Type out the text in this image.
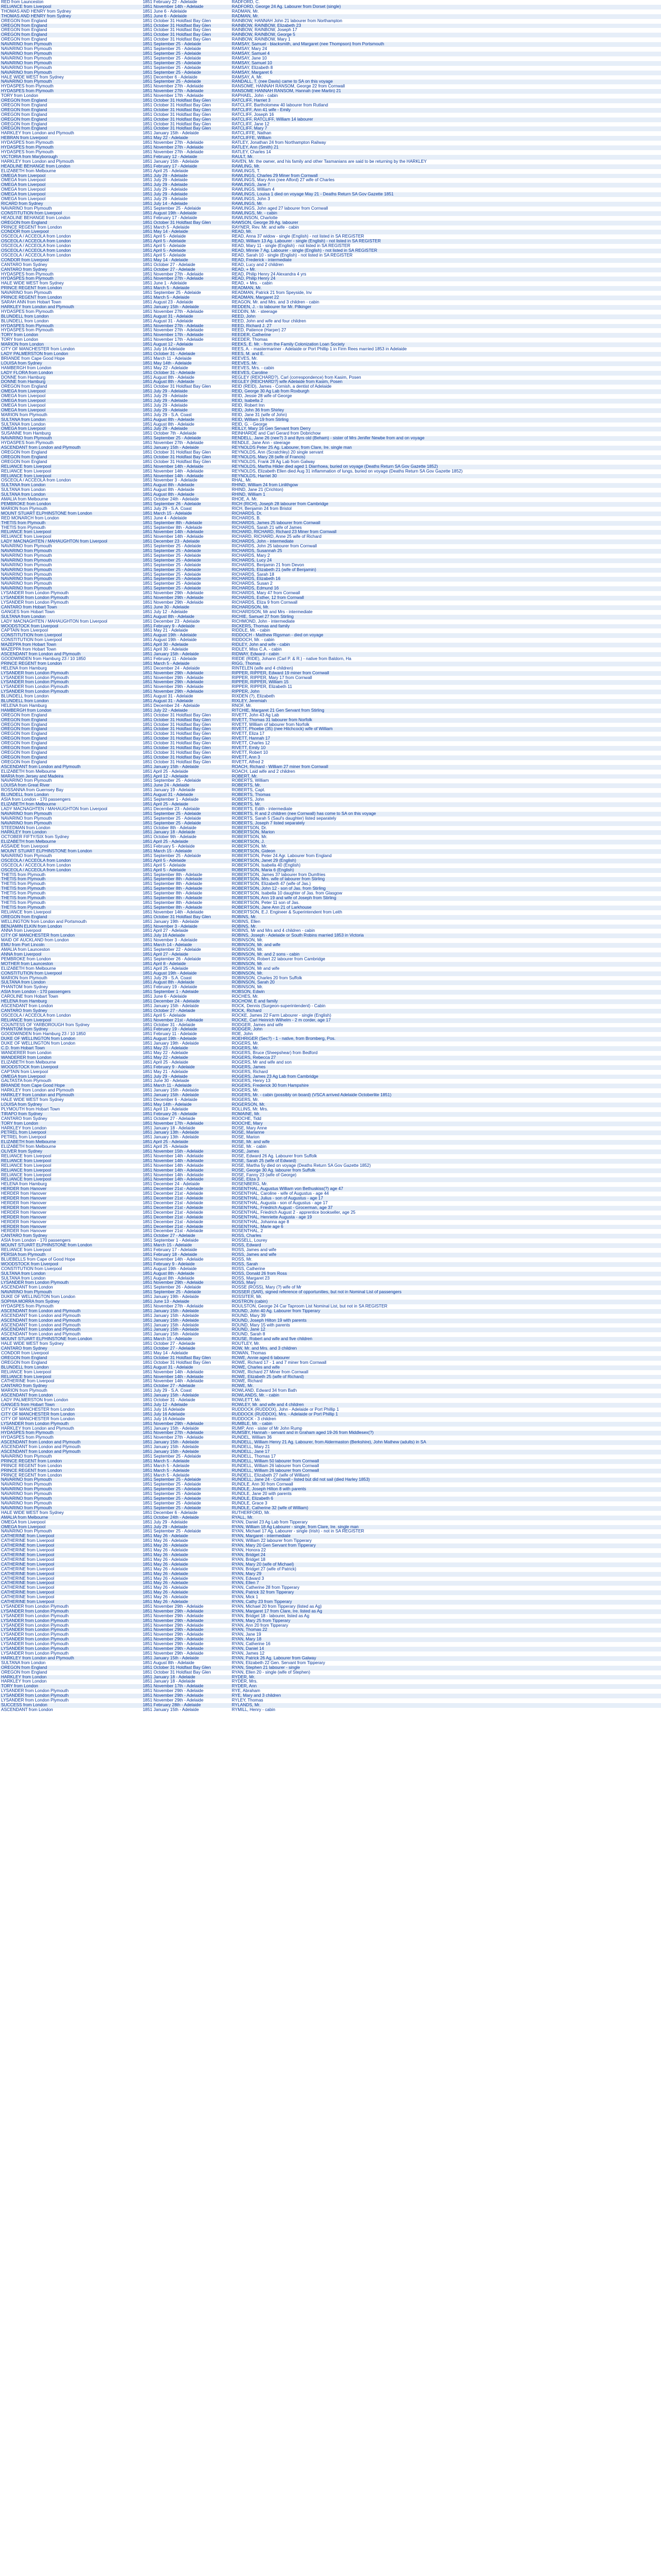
RED from Launceston	1851 February 22 - Adelaide	RADFORD, C.
RELIANCE from Liverpool	1851 November 14th - Adelaide	RADFORD, George 24 Ag. Labourer from Dorset (single)
THOMAS AND HENRY from Sydney	1851 June 6 - Adelaide	RADMAN, Mr.
THOMAS AND HENRY from Sydney	1851 June 6 - Adelaide	RADMAN, Mr.
OREGON from England	1851 October 31 Holdfast Bay Glen	RAINBOW, HANNAH John 21 labourer from Northampton
OREGON from England	1851 October 31 Holdfast Bay Glen	RAINBOW, RAINBOW, Elizabeth 23
OREGON from England	1851 October 31 Holdfast Bay Glen	RAINBOW, RAINBOW, Joseph 17
OREGON from England	1851 October 31 Holdfast Bay Glen	RAINBOW, RAINBOW, George 5
OREGON from England	1851 October 31 Holdfast Bay Glen	RAINBOW, RAINBOW, Mary 1
NAVARINO from Plymouth	1851 September 25 - Adelaide	RAMSAY, Samuel - blacksmith, and Margaret (nee Thompson) from Portsmouth
NAVARINO from Plymouth	1851 September 25 - Adelaide	RAMSAY, Mary 24
NAVARINO from Plymouth	1851 September 25 - Adelaide	RAMSAY, Samuel 4
NAVARINO from Plymouth	1851 September 25 - Adelaide	RAMSAY, Jane 10
NAVARINO from Plymouth	1851 September 25 - Adelaide	RAMSAY, Samuel 10
NAVARINO from Plymouth	1851 September 25 - Adelaide	RAMSAY, Elizabeth 8
NAVARINO from Plymouth	1851 September 25 - Adelaide	RAMSAY, Margaret 6
HALE WIDE WEST from Sydney	1851 December 6 - Adelaide	RAMSAY, A. Mr.
NAVARINO from Plymouth	1851 September 25 - Adelaide	RANDALL, T. (nee Davis) came to SA on this voyage
HYDASPES from Plymouth	1851 November 27th - Adelaide	RANSOME, HANNAH RANSOM, George 22 from Cornwall
HYDASPES from Plymouth	1851 November 27th - Adelaide	RANSOME HANNAH RANSOM, Hannah (nee Martin) 21
TORY from London	1851 November 17th - Adelaide	RAPHAEL, John - cabin
OREGON from England	1851 October 31 Holdfast Bay Glen	RATCLIFF, Harriet 3
OREGON from England	1851 October 31 Holdfast Bay Glen	RATCLIFF, Bartholomew 40 labourer from Rutland
OREGON from England	1851 October 31 Holdfast Bay Glen	RATCLIFF, Ann 41 wife - Emily
OREGON from England	1851 October 31 Holdfast Bay Glen	RATCLIFF, Joseph 16
OREGON from England	1851 October 31 Holdfast Bay Glen	RATCLIFF, RATCLIFF, William 14 labourer
OREGON from England	1851 October 31 Holdfast Bay Glen	RATCLIFF, Jane 12
OREGON from England	1851 October 31 Holdfast Bay Glen	RATCLIFF, Mary 7
HARKLEY from London and Plymouth	1851 January 15th - Adelaide	RATCLIFFE, Nathan
HEBRAN from Liverpool	1851 May 22 - Adelaide	RATCLIFFE, William
HYDASPES from Plymouth	1851 November 27th - Adelaide	RATLEY, Jonathan 24 from Northampton Railway
HYDASPES from Plymouth	1851 November 27th - Adelaide	RATLEY, Ann (Smith) 21
HYDASPES from Plymouth	1851 November 27th - Adelaide	RATLEY, Charles 14
VICTORIA from Maryborough	1851 February 12 - Adelaide	RAULT, Mr.
HARKLEY from London and Plymouth	1851 January 15th - Adelaide	RAVEN, Mr. the owner, and his family and other Tasmanians are said to be returning by the HARKLEY
HEADLINE BEHANGE from London	1851 February 17 - Adelaide	RAWLING, Mr.
ELIZABETH from Melbourne	1851 April 25 - Adelaide	RAWLINGS, T.
OMEGA from Liverpool	1851 July 29 - Adelaide	RAWLINGS, Charles 29 Miner from Cornwall
OMEGA from Liverpool	1851 July 29 - Adelaide	RAWLINGS, Mary Ann (nee Alford) 27 wife of Charles
OMEGA from Liverpool	1851 July 29 - Adelaide	RAWLINGS, Jane 7
OMEGA from Liverpool	1851 July 29 - Adelaide	RAWLINGS, William 4
OMEGA from Liverpool	1851 July 29 - Adelaide	RAWLINGS, Louisa 1 died on voyage May 21 - Deaths Return SA Gov Gazette 1851
OMEGA from Liverpool	1851 July 29 - Adelaide	RAWLINGS, John 3
RICARD from Sydney	1851 July 14 - Adelaide	RAWLINGS, Mr.
NAVARINO from Plymouth	1851 September 25 - Adelaide	RAWLINGS, John aged 27 labourer from Cornwall
CONSTITUTION from Liverpool	1851 August 19th - Adelaide	RAWLINGS, Mr. - cabin
HEADLINE BEHANGE from London	1851 February 17 - Adelaide	RAWLINSON, Charlotte
OREGON from England	1851 October 31 Holdfast Bay Glen	RAWSON, George 39 Ag. labourer
PRINCE REGENT from London	1851 March 5 - Adelaide	RAYNER, Rev. Mr. and wife - cabin
CONDOR from Liverpool	1851 May 14 - Adelaide	READ, Mr.
OSCEOLA / ACCEOLA from London	1851 April 5 - Adelaide	READ, Anna 37 widow - single (English) - not listed in SA REGISTER
OSCEOLA / ACCEOLA from London	1851 April 5 - Adelaide	READ, William 13 Ag. Labourer - single (English) - not listed in SA REGISTER
OSCEOLA / ACCEOLA from London	1851 April 5 - Adelaide	READ, Mary 11 - single (English) - not listed in SA REGISTER
OSCEOLA / ACCEOLA from London	1851 April 5 - Adelaide	READ, Minnie 7 Ag. Labourer - single (English) - not listed in SA REGISTER
OSCEOLA / ACCEOLA from London	1851 April 5 - Adelaide	READ, Sarah 10 - single (English) - not listed in SA REGISTER
CONDOR from Liverpool	1851 May 14 - Adelaide	READ, Frederick - intermediate
CANTARO from Sydney	1851 October 27 - Adelaide	READ, Lucy and 2 children
CANTARO from Sydney	1851 October 27 - Adelaide	READ, + Mr.
HYDASPES from Plymouth	1851 November 27th - Adelaide	READ, Philip Henry 24 Alexandra 4 yrs
HYDASPES from Plymouth	1851 November 27th - Adelaide	READ, Philip Henry 24
HALE WIDE WEST from Sydney	1851 June 1 - Adelaide	READ, + Mrs. - cabin
PRINCE REGENT from London	1851 March 5 - Adelaide	READMAN, Mr.
NAVARINO from Plymouth	1851 September 25 - Adelaide	READMAN, Patrick 21 from Speyside, Inv
PRINCE REGENT from London	1851 March 5 - Adelaide	READMAN, Margaret 22
SARAH ANN from Hobart Town	1851 August 23 - Adelaide	REAGON, Mr. and Mrs. and 3 children - cabin
HARKLEY from London and Plymouth	1851 January 15th - Adelaide	REDDEN, J. - to labourer for Mr. Pilkinger
HYDASPES from Plymouth	1851 November 27th - Adelaide	REDDIN, Mr. - steerage
BLUNDELL from London	1851 August 31 - Adelaide	REED, John
BLUNDELL from London	1851 August 31 - Adelaide	REED, John and wife and four children
HYDASPES from Plymouth	1851 November 27th - Adelaide	REED, Richard J. 27
HYDASPES from Plymouth	1851 November 27th - Adelaide	REED, Patience (Harper) 27
TORY from London	1851 November 17th - Adelaide	REEDER, Catherine
TORY from London	1851 November 17th - Adelaide	REEDER, Thomas
MARION from London	1851 August 12 - Adelaide	REEKS, E. Mr. - from the Family Colonization Loan Society
CITY OF MANCHESTER from London	1851 July 16 Adelaide	REES, A. - mastermariner - Adelaide or Port Phillip 1 in Firm Rees married 1853 in Adelaide
LADY PALMERSTON from London	1851 October 31 - Adelaide	REES, M. and E.
BRIANDE from Cape Good Hope	1851 March 11 - Adelaide	REEVES, Mr.
LOUISA from Sydney	1851 May 14th - Adelaide	REEVES, Mr.
HAMBERGH from London	1851 May 22 - Adelaide	REEVES, Mrs. - cabin
LADY FLORA from London	1851 October 31 - Adelaide	REEVES, Caroline
DONNE from Hamburg	1851 August 8th - Adelaide	REGLEY (REICHARD?), Carl (correspondence) from Kasim, Posen
DONNE from Hamburg	1851 August 8th - Adelaide	REGLEY (REICHARD?) wife Adelaide from Kasim, Posen
OREGON from England	1851 October 31 Holdfast Bay Glen	REID (REID), James - Cornish, a dentist of Adelaide
OMEGA from Liverpool	1851 July 29 - Adelaide	REID, George 30 Ag Lab from Roxburgh
OMEGA from Liverpool	1851 July 29 - Adelaide	REID, Jessie 28 wife of George
OMEGA from Liverpool	1851 July 29 - Adelaide	REID, Isabella 2
OMEGA from Liverpool	1851 July 29 - Adelaide	REID, Robert Inn
OMEGA from Liverpool	1851 July 29 - Adelaide	REID, John 36 from Shirley
MARION from Plymouth	1851 July 29 - S.A. Coast	REID, Jane 31 (wife of John)
SULTANA from London	1851 August 8th - Adelaide	REID, William 19 from Stirling
SULTANA from London	1851 August 8th - Adelaide	REID, G. - George
OMEGA from Liverpool	1851 July 29 - Adelaide	REILLY, Mary 16 Gen Servant from Derry
SUSANNE from Hamburg	1851 October 7th - Adelaide	REINHARDE and Carl Gerard from Dobrichow
NAVARINO from Plymouth	1851 September 25 - Adelaide	RENDELL, Jane 26 (nee?) 3 and 8yrs old (Beham) - sister of Mrs Jenifer Newbe from and on voyage
HYDASPES from Plymouth	1851 November 27th - Adelaide	RENDLE, Jane Ann - steerage
ASCENDANT from London and Plymouth	1851 January 15th - Adelaide	REYNOLDS Peter 25 Ag. Labourer, from Clare, Ire. single man
OREGON from England	1851 October 31 Holdfast Bay Glen	REYNOLDS, Ann (Scratchley) 20 single servant
OREGON from England	1851 October 31 Holdfast Bay Glen	REYNOLDS, Mary 28 (wife of Francis)
OREGON from England	1851 October 31 Holdfast Bay Glen	REYNOLDS, Frank 28 Ag Lab from Galway
RELIANCE from Liverpool	1851 November 14th - Adelaide	REYNOLDS, Martha Hilder died aged 1 Diarrhoea, buried on voyage (Deaths Return SA Gov Gazette 1852)
RELIANCE from Liverpool	1851 November 14th - Adelaide	REYNOLDS, Elizabeth Ellen died Aug 31 inflammation of lungs, buried on voyage (Deaths Return SA Gov Gazette 1852)
RELIANCE from Liverpool	1851 November 14th - Adelaide	REYNOLDS, Harriet 30
OSCEOLA / ACCEOLA from London	1851 November 3 - Adelaide	RHAL, Mr.
SULTANA from London	1851 August 8th - Adelaide	RHIND, William 24 from Linlithgow
SULTANA from London	1851 August 8th - Adelaide	RHIND, Jane 21 (Crichton)
SULTANA from London	1851 August 8th - Adelaide	RHIND, William 1
AMALIA from Melbourne	1851 October 24th - Adelaide	RHOE, A. Mr.
PEMBROKE from London	1851 September 26 - Adelaide	RICH (RICH), Joseph 28 labourer from Cambridge
MARION from Plymouth	1851 July 29 - S.A. Coast	RICH, Benjamin 24 from Bristol
MOUNT STUART ELPHINSTONE from London	1851 March 15 - Adelaide	RICHARDS, Dr.
RED MONARCH from London	1851 June 4 - Adelaide	RICHARDS, B.
THETIS from Plymouth	1851 September 8th - Adelaide	RICHARDS, James 25 labourer from Cornwall
THETIS from Plymouth	1851 September 8th - Adelaide	RICHARDS, Sarah 21 wife of James
RELIANCE from Liverpool	1851 November 14th - Adelaide	RICHARD, RICHARD, Richard 23 Miner from Cornwall
RELIANCE from Liverpool	1851 November 14th - Adelaide	RICHARD, RICHARD, Anne 25 wife of Richard
LADY MACNAGHTEN / MAHAUGHTON from Liverpool	1851 December 23 - Adelaide	RICHARDS, John - intermediate
NAVARINO from Plymouth	1851 September 25 - Adelaide	RICHARDS, John 25 labourer from Cornwall
NAVARINO from Plymouth	1851 September 25 - Adelaide	RICHARDS, Susannah 25
NAVARINO from Plymouth	1851 September 25 - Adelaide	RICHARDS, Mary 2
NAVARINO from Plymouth	1851 September 25 - Adelaide	RICHARDS, Lucy 24
NAVARINO from Plymouth	1851 September 25 - Adelaide	RICHARDS, Benjamin 21 from Devon
NAVARINO from Plymouth	1851 September 25 - Adelaide	RICHARDS, Elizabeth 21 (wife of Benjamin)
NAVARINO from Plymouth	1851 September 25 - Adelaide	RICHARDS, Sarah 18
NAVARINO from Plymouth	1851 September 25 - Adelaide	RICHARDS, Elizabeth 16
NAVARINO from Plymouth	1851 September 25 - Adelaide	RICHARDS, Susan 2
NAVARINO from Plymouth	1851 September 25 - Adelaide	RICHARDS, Edmund 16
LYSANDER from London Plymouth	1851 November 29th - Adelaide	RICHARDS, Mary 47 from Cornwall
LYSANDER from London Plymouth	1851 November 29th - Adelaide	RICHARDS, Esther, 12 from Cornwall
LYSANDER from London Plymouth	1851 November 29th - Adelaide	RICHARDS, Eliza 9 from Cornwall
CANTARO from Hobart Town	1851 June 30 - Adelaide	RICHARDSON, Mr.
GANGES from Hobart Town	1851 July 12 - Adelaide	RICHARDSON, Mr and Mrs - intermediate
SULTANA from London	1851 August 8th - Adelaide	RICHIE, Samuel 27 from Stirling
LADY MACNAGHTEN / MAHAUGHTON from Liverpool	1851 December 23 - Adelaide	RICHMOND, John - intermediate
WOODSTOCK from Liverpool	1851 February 9 - Adelaide	RICKERS, Thomas and family
CAPTAIN from Liverpool	1851 May 21 - Adelaide	RIDDLE, Mr. - cabin
CONSTITUTION from Liverpool	1851 August 19th - Adelaide	RIDDOCH - Matthew Rigsman - died on voyage
CONSTITUTION from Liverpool	1851 August 19th - Adelaide	RIDDOCH, Mr. - cabin
MAZEPPA from Hobart Town	1851 April 30 - Adelaide	RIDLEY, John and wife - cabin
MAZEPPA from Hobart Town	1851 April 30 - Adelaide	RIDLEY, Miss C.A. - cabin
ASCENDANT from London and Plymouth	1851 January 15th - Adelaide	RIDWAY, Edward - cabin
GOODWINDEN from Hamburg 23 / 10 1850	1851 February 11 - Adelaide	RIEDE (RIDE), Johann (Carl P. & R.) - native from Baldorn, Ha
PRINCE REGENT from London	1851 March 5 - Adelaide	RIGG, Thomas
HELENA from Hamburg	1851 December 24 - Adelaide	RINTELEN (wife and 4 children)
LYSANDER from London Plymouth	1851 November 29th - Adelaide	RIPPER, RIPPER, Edward 19 miner from Cornwall
LYSANDER from London Plymouth	1851 November 29th - Adelaide	RIPPER, RIPPER, Mary 17 from Cornwall
LYSANDER from London Plymouth	1851 November 29th - Adelaide	RIPPER, RIPPER, William 15
LYSANDER from London Plymouth	1851 November 29th - Adelaide	RIPPER, RIPPER, Elizabeth 11
LYSANDER from London Plymouth	1851 November 29th - Adelaide	RIPPER, John
BLUNDELL from London	1851 August 31 - Adelaide	RIXDEN (?), Elizabeth
BLUNDELL from London	1851 August 31 - Adelaide	RIXLEY, Jeremiah
HELENA from Hamburg	1851 December 24 - Adelaide	RNOF, Mr.
HAMBERGH from London	1851 July 22 - Adelaide	RITCHIE, Margaret 21 Gen Servant from Stirling
OREGON from England	1851 October 31 Holdfast Bay Glen	RIVETT, John 43 Ag Lab
OREGON from England	1851 October 31 Holdfast Bay Glen	RIVETT, Thomas 31 labourer from Norfolk
OREGON from England	1851 October 31 Holdfast Bay Glen	RIVETT, William of labourer from Norfolk
OREGON from England	1851 October 31 Holdfast Bay Glen	RIVETT, Phoebe (35) (nee Hitchcock) wife of William
OREGON from England	1851 October 31 Holdfast Bay Glen	RIVETT, Eliza 17
OREGON from England	1851 October 31 Holdfast Bay Glen	RIVETT, Hannah 17
OREGON from England	1851 October 31 Holdfast Bay Glen	RIVETT, Charles 12
OREGON from England	1851 October 31 Holdfast Bay Glen	RIVETT, Emily 10
OREGON from England	1851 October 31 Holdfast Bay Glen	RIVETT, Robert 10
OREGON from England	1851 October 31 Holdfast Bay Glen	RIVETT, Ann 3
OREGON from England	1851 October 31 Holdfast Bay Glen	RIVETT, Alfred 2
ASCENDANT from London and Plymouth	1851 January 15th - Adelaide	ROACH, Richard - William 27 miner from Cornwall
ELIZABETH from Melbourne	1851 April 25 - Adelaide	ROACH, Laid wife and 2 children
MARIA from Jersey and Madeira	1851 April 12 - Adelaide	ROBERT, Mr.
NAVARINO from Plymouth	1851 September 25 - Adelaide	ROBERTS, William
LOUISA from Great River	1851 June 24 - Adelaide	ROBERTS, Mr.
ROSSANNA from Guernsey Bay	1851 January 19 - Adelaide	ROBERTS, Capt.
BLUNDELL from London	1851 August 31 - Adelaide	ROBERTS, Thomas
ASIA from London - 170 passengers	1851 September 1 - Adelaide	ROBERTS, John
ELIZABETH from Melbourne	1851 April 25 - Adelaide	ROBERTS, Mr.
LADY MACNAGHTEN / MAHAUGHTON from Liverpool	1851 December 23 - Adelaide	ROBERTS, Edith - intermediate
NAVARINO from Plymouth	1851 September 25 - Adelaide	ROBERTS, R and 2 children (nee Cornwall) has come to SA on this voyage
NAVARINO from Plymouth	1851 September 25 - Adelaide	ROBERTS, Sarah 5 (Saul's daughter) listed separately
NAVARINO from Plymouth	1851 September 25 - Adelaide	ROBERTS, Joseph 7 listed separately
STEEDMAN from London	1851 October 8th - Adelaide	ROBERTSON, Dr.
HARKLEY from London	1851 January 18 - Adelaide	ROBERTSON, Marion
OCTOBER FIFTY/SIX from Sydney	1851 October 9th - Adelaide	ROBERTSON, Mr.
ELIZABETH from Melbourne	1851 April 25 - Adelaide	ROBERTSON, J.
ASSAIDE from Liverpool	1851 February 5 - Adelaide	ROBERTSON, Mr.
MOUNT STUART ELPHINSTONE from London	1851 March 15 - Adelaide	ROBERTSON, Gideon
NAVARINO from Plymouth	1851 September 25 - Adelaide	ROBERTSON, Peter 24 Agr. Labourer from England
OSCEOLA / ACCEOLA from London	1851 April 5 - Adelaide	ROBERTSON, Janet 29 (English)
OSCEOLA / ACCEOLA from London	1851 April 5 - Adelaide	ROBERTSON, Isabella 40 (English)
OSCEOLA / ACCEOLA from London	1851 April 5 - Adelaide	ROBERTSON, Maria 6 (English)
THETIS from Plymouth	1851 September 8th - Adelaide	ROBERTSON, James 37 labourer from Dumfries
THETIS from Plymouth	1851 September 8th - Adelaide	ROBERTSON, Mrs. wife of labourer from Stirling
THETIS from Plymouth	1851 September 8th - Adelaide	ROBERTSON, Elizabeth 47 (wife of Jas.)
THETIS from Plymouth	1851 September 8th - Adelaide	ROBERTSON, John 12 - son of Jas. from Stirling
THETIS from Plymouth	1851 September 8th - Adelaide	ROBERTSON, Isabella 10 daughter of Jas. from Glasgow
THETIS from Plymouth	1851 September 8th - Adelaide	ROBERTSON, Ann 19 and wife of Joseph from Stirling
THETIS from Plymouth	1851 September 8th - Adelaide	ROBERTSON, Peter 11 son of Jas.
THETIS from Plymouth	1851 September 8th - Adelaide	ROBERTSON, Jane Ann 21 of Larkhouse
RELIANCE from Liverpool	1851 November 14th - Adelaide	ROBERTSON, E.J. Engineer & Superintendent from Leith
OREGON from England	1851 October 31 Holdfast Bay Glen	ROBINS, Mr.
WELLINGTON from London and Portsmouth	1851 January 19th - Adelaide	ROBINS, Ellen
BENJAMIN ELKIN from London	1851 November 3 - Adelaide	ROBINS, Mr.
ANNA from Liverpool	1851 April 27 - Adelaide	ROBINS, Mr and Mrs and 4 children - cabin
CITY OF MANCHESTER from London	1851 July 16 Adelaide	ROBINS, Joseph - Adelaide or South Robins married 1853 in Victoria
MAID OF AUCKLAND from London	1851 November 3 - Adelaide	ROBINSON, Mr.
EMU from Port Lincoln	1851 March 14 - Adelaide	ROBINSON, Mr. and wife
AMALIA from Launceston	1851 September 22 - Adelaide	ROBINSON, Mr.
ANNA from Liverpool	1851 April 27 - Adelaide	ROBINSON, Mr. and 2 sons - cabin
PEMBROKE from London	1851 September 26 - Adelaide	ROBINSON, Robert 22 labourer from Cambridge
MOTHER from Launceston	1851 April 8 - Adelaide	ROBINSON, Mr.
ELIZABETH from Melbourne	1851 April 25 - Adelaide	ROBINSON, Mr and wife
CONSTITUTION from Liverpool	1851 August 19th - Adelaide	ROBINSON, Mr.
MARION from Plymouth	1851 July 29 - S.A. Coast	ROBINSON, Charles 20 from Suffolk
SULTANA from London	1851 August 8th - Adelaide	ROBINSON, Sarah 20
PHANTOM from Sydney	1851 February 19 - Adelaide	ROBINSON, Mr.
ASIA from London - 170 passengers	1851 September 1 - Adelaide	ROBSON, Edwin
CAROLINE from Hobart Town	1851 June 6 - Adelaide	ROCHES, Mr.
HELENA from Hamburg	1851 December 24 - Adelaide	ROCHOW, E and family
ASCENDANT from London	1851 January 15th - Adelaide	ROCK, Dennis (Surgeon-superintendent) - Cabin
CANTARO from Sydney	1851 October 27 - Adelaide	ROCK, Richard
OSCEOLA / ACCEOLA from London	1851 April 5 - Adelaide	ROCKE, James 22 Farm Labourer - single (English)
RELIANCE from Liverpool	1851 November 21st - Adelaide	ROCKE, Carl Heinrich Wilhelm - 2 m corder, age 17
COUNTESS OF YARBOROUGH from Sydney	1851 October 31 - Adelaide	RODGER, James and wife
PHANTOM from Sydney	1851 February 19 - Adelaide	RODGER, John
GOODWINDEN from Hamburg 23 / 10 1850	1851 February 11 - Adelaide	ROE, John
DUKE OF WELLINGTON from London	1851 August 19th - Adelaide	ROEHRIGER (Sec?) - 1 - native, from Bromberg, Pos.
DUKE OF WELLINGTON from London	1851 January 19th - Adelaide	ROGERS, Mr.
C.D. from Hobart Town	1851 May 23 - Adelaide	ROGERS, Mr.
WANDERER from London	1851 May 22 - Adelaide	ROGERS, Bruce (Sheepshear) from Bedford
WANDERER from London	1851 May 22 - Adelaide	ROGERS, Rebecca 27
ELIZABETH from Melbourne	1851 April 25 - Adelaide	ROGERS, Mr and wife and son
WOODSTOCK from Liverpool	1851 February 9 - Adelaide	ROGERS, James
CAPTAIN from Liverpool	1851 May 21 - Adelaide	ROGERS, Richard
OMEGA from Liverpool	1851 July 29 - Adelaide	ROGERS, James 23 Ag Lab from Cambridge
GALTASTA from Plymouth	1851 June 30 - Adelaide	ROGERS, Henry 13
BRIANDE from Cape Good Hope	1851 March 11 - Adelaide	ROGERS, Frederick 30 from Hampshire
HARKLEY from London and Plymouth	1851 January 15th - Adelaide	ROGERS, Mr.
HARKLEY from London and Plymouth	1851 January 15th - Adelaide	ROGERS, Mr. - cabin (possibly on board) (VSCA arrived Adelaide Octoberlite 1851)
HALE WIDE WEST from Sydney	1851 December 6 - Adelaide	ROGERS, Mr.
LOUISA from Sydney	1851 May 14th - Adelaide	ROGERSON, Mr.
PLYMOUTH from Hobart Town	1851 April 13 - Adelaide	ROLLINS, Mr. Mrs.
TIRAPO from Sydney	1851 February 26 - Adelaide	ROMAINE, Mr.
CANTARO from Sydney	1851 October 27 - Adelaide	ROOCHE, Tidd
TORY from London	1851 November 17th - Adelaide	ROOCHE, Mary
HARKLEY from London	1851 January 18 - Adelaide	ROSE, Mary Anne
PETREL from Liverpool	1851 January 13th - Adelaide	ROSE, Marianne
PETREL from Liverpool	1851 January 13th - Adelaide	ROSE, Marion
ELIZABETH from Melbourne	1851 April 25 - Adelaide	ROSE, Mr. and wife
ELIZABETH from Melbourne	1851 April 25 - Adelaide	ROSE, Mr. - cabin
OLIVER from Sydney	1851 November 15th - Adelaide	ROSE, James
RELIANCE from Liverpool	1851 November 14th - Adelaide	ROSE, Edward 26 Ag. Labourer from Suffolk
RELIANCE from Liverpool	1851 November 14th - Adelaide	ROSE, Sarah 25 (wife of Edward)
RELIANCE from Liverpool	1851 November 14th - Adelaide	ROSE, Martha 5y died on voyage (Deaths Return SA Gov Gazette 1852)
RELIANCE from Liverpool	1851 November 14th - Adelaide	ROSE, George 30 Ag. labourer from Suffolk
RELIANCE from Liverpool	1851 November 14th - Adelaide	ROSE, Fanny 23 (wife of George)
RELIANCE from Liverpool	1851 November 14th - Adelaide	ROSE, Eliza 3
HELENA from Hamburg	1851 December 24 - Adelaide	ROSENBERG, Mr.
HERDER from Hanover	1851 December 21st - Adelaide	ROSENTHAL, Augustus William von Bethuskiss(?) age 47
HERDER from Hanover	1851 December 21st - Adelaide	ROSENTHAL, Caroline - wife of Augustus - age 44
HERDER from Hanover	1851 December 21st - Adelaide	ROSENTHAL, Julius - son of Augustus - age 17
HERDER from Hanover	1851 December 21st - Adelaide	ROSENTHAL, Augusta - son of Augustus - age 17
HERDER from Hanover	1851 December 21st - Adelaide	ROSENTHAL, Friedrich August - Grocerman, age 37
HERDER from Hanover	1851 December 21st - Adelaide	ROSENTHAL, Friedrich August 2 - apprentice bookseller, age 25
HERDER from Hanover	1851 December 21st - Adelaide	ROSENTHAL, Henriette Augusta - age 19
HERDER from Hanover	1851 December 21st - Adelaide	ROSENTHAL, Johanna age 8
HERDER from Hanover	1851 December 21st - Adelaide	ROSENTHAL, Marie age 6
HERDER from Hanover	1851 December 21st - Adelaide	ROSENTHAL, 2
CANTARO from Sydney	1851 October 27 - Adelaide	ROSS, Charles
ASIA from London - 170 passengers	1851 September 1 - Adelaide	ROSSELL, Lourey
MOUNT STUART ELPHINSTONE from London	1851 March 15 - Adelaide	ROSS, Edward
RELIANCE from Liverpool	1851 February 17 - Adelaide	ROSS, James and wife
PERSIA from Plymouth	1851 February 18 - Adelaide	ROSS, James and wife
BLUEBELLS from Cape of Good Hope	1851 November 14th - Adelaide	ROSS, Mr.
WOODSTOCK from Liverpool	1851 February 9 - Adelaide	ROSS, Sarah
CONSTITUTION from Liverpool	1851 August 19th - Adelaide	ROSS, Catherine
SULTANA from London	1851 August 8th - Adelaide	ROSS, Donald 26 from Ross
SULTANA from London	1851 August 8th - Adelaide	ROSS, Margaret 23
LYSANDER from London Plymouth	1851 November 29th - Adelaide	ROSS, Mary
ASCENDANT from London	1851 September 26 - Adelaide	ROSSE (ROSS), Mary (?) wife of Mr
NAVARINO from Plymouth	1851 September 25 - Adelaide	ROSSER (SAR), signed reference of opportunities, but not in Nominal List of passengers
DUKE OF WELLINGTON from London	1851 January 19th - Adelaide	ROSSITER, Mr.
SOPHIA MORRA from Sydney	1851 June 13 - Adelaide	ROSTRON (cabin)
HYDASPES from Plymouth	1851 November 27th - Adelaide	ROULSTON, George 24 Car Taproom List Nominal List, but not in SA REGISTER
ASCENDANT from London and Plymouth	1851 January 15th - Adelaide	ROUND, John 40 Ag. Labourer from Tipperary
ASCENDANT from London and Plymouth	1851 January 15th - Adelaide	ROUND, Mary 39
ASCENDANT from London and Plymouth	1851 January 15th - Adelaide	ROUND, Joseph Hilton 19 with parents
ASCENDANT from London and Plymouth	1851 January 15th - Adelaide	ROUND, Mary 15 with parents
ASCENDANT from London and Plymouth	1851 January 15th - Adelaide	ROUND, Jane 12
ASCENDANT from London and Plymouth	1851 January 15th - Adelaide	ROUND, Sarah 8
MOUNT STUART ELPHINSTONE from London	1851 March 15 - Adelaide	ROUSE, Robert and wife and five children
HALE WIDE WEST from Sydney	1851 October 27 - Adelaide	ROUTLEY, Mr.
CANTARO from Sydney	1851 October 27 - Adelaide	ROW, Mr. and Mrs. and 3 children
CONDOR from Liverpool	1851 May 14 - Adelaide	ROWAN, Thomas
OREGON from England	1851 October 31 Holdfast Bay Glen	ROWE, Annie aged 6 labourer
OREGON from England	1851 October 31 Holdfast Bay Glen	ROWE, Richard 17 - 1 and 7 miner from Cornwall
BLUNDELL from London	1851 August 31 - Adelaide	ROWE, Charles and wife
RELIANCE from Liverpool	1851 November 14th - Adelaide	ROWE, Richard 27 Miner from Cornwall
RELIANCE from Liverpool	1851 November 14th - Adelaide	ROWE, Elizabeth 25 (wife of Richard)
CATHERINE from Liverpool	1851 November 14th - Adelaide	ROWE, Richard
CANTARO from Sydney	1851 October 27 - Adelaide	ROWE, Mr.
MARION from Plymouth	1851 July 29 - S.A. Coast	ROWLAND, Edward 34 from Bath
ASCENDANT from London	1851 January 15th - Adelaide	ROWLANDS, Mr. - cabin
LADY PALMERSTON from London	1851 October 31 - Adelaide	ROWLETT, Mr.
GANGES from Hobart Town	1851 July 12 - Adelaide	ROWLEY, Mr. and wife and 4 children
CITY OF MANCHESTER from London	1851 July 16 Adelaide	RUDDOCK (RUDDOX), John - Adelaide or Port Phillip 1
CITY OF MANCHESTER from London	1851 July 16 Adelaide	RUDDOCK (RUDDOX), Mrs. - Adelaide or Port Phillip 1
CITY OF MANCHESTER from London	1851 July 16 Adelaide	RUDDOCK - 3 children
LYSANDER from London Plymouth	1851 November 29th - Adelaide	RUMBLE, Mr. - cabin
HARKLEY from London and Plymouth	1851 January 15th - Adelaide	RUMP, Ann - sister of Mr John Rump
HYDASPES from Plymouth	1851 November 27th - Adelaide	RUMSBY, Hannah - servant and in Graham aged 19-26 from Middlesex(?)
HYDASPES from Plymouth	1851 November 27th - Adelaide	RUNDEL, William 36
ASCENDANT from London and Plymouth	1851 January 15th - Adelaide	RUNDELL, William Henry 21 Ag. Labourer, from Aldermaston (Berkshire), John Mathew (adults) in SA
ASCENDANT from London and Plymouth	1851 January 15th - Adelaide	RUNDELL, Mary 21
ASCENDANT from London and Plymouth	1851 January 15th - Adelaide	RUNDELL, Jane 17
NAVARINO from Plymouth	1851 September 25 - Adelaide	RUNDELL, Thomas 17
PRINCE REGENT from London	1851 March 5 - Adelaide	RUNDELL, William 50 labourer from Cornwall
PRINCE REGENT from London	1851 March 5 - Adelaide	RUNDELL, William 26 labourer from Cornwall
PRINCE REGENT from London	1851 March 5 - Adelaide	RUNDELL, William 26 labourer from Cornwall
PRINCE REGENT from London	1851 March 5 - Adelaide	RUNDELL, Elizabeth 27 (wife of William)
NAVARINO from Plymouth	1851 September 25 - Adelaide	RUNDELL, Jane 24 - Cornwall - listed but did not sail (died Harley 1853)
NAVARINO from Plymouth	1851 September 25 - Adelaide	RUNDLE, Ann 30 from Cornwall
NAVARINO from Plymouth	1851 September 25 - Adelaide	RUNDLE, Joseph Hilton 8 with parents
NAVARINO from Plymouth	1851 September 25 - Adelaide	RUNDLE, Jane 20 with parents
NAVARINO from Plymouth	1851 September 25 - Adelaide	RUNDLE, Elizabeth 6
NAVARINO from Plymouth	1851 September 25 - Adelaide	RUNDLE, Grace 3
NAVARINO from Plymouth	1851 September 25 - Adelaide	RUNDLE, Catherine 32 (wife of William)
HALE WIDE WEST from Sydney	1851 December 6 - Adelaide	RUTHERFORD, Mr.
AMALIA from Melbourne	1851 October 24th - Adelaide	RYALL, Mr.
OMEGA from Liverpool	1851 July 29 - Adelaide	RYAN, Daniel 23 Ag Lab from Tipperary
OMEGA from Liverpool	1851 July 29 - Adelaide	RYAN, William 18 Ag Labourer - single, from Clare, Ire. single man
NAVARINO from Plymouth	1851 September 25 - Adelaide	RYAN, Michael 17 Ag. Labourer - single (Irish) - not in SA REGISTER
CATHERINE from Liverpool	1851 May 26 - Adelaide	RYAN, Margaret - intermediate
CATHERINE from Liverpool	1851 May 26 - Adelaide	RYAN, William 22 labourer from Tipperary
CATHERINE from Liverpool	1851 May 26 - Adelaide	RYAN, Mary 20 Gen Servant from Tipperary
CATHERINE from Liverpool	1851 May 26 - Adelaide	RYAN, Honora 22
CATHERINE from Liverpool	1851 May 26 - Adelaide	RYAN, Bridget 24
CATHERINE from Liverpool	1851 May 26 - Adelaide	RYAN, Bridget 18
CATHERINE from Liverpool	1851 May 26 - Adelaide	RYAN, Mary 20 (wife of Michael)
CATHERINE from Liverpool	1851 May 26 - Adelaide	RYAN, Bridget 27 (wife of Patrick)
CATHERINE from Liverpool	1851 May 26 - Adelaide	RYAN, Mary 29
CATHERINE from Liverpool	1851 May 26 - Adelaide	RYAN, Edward 3
CATHERINE from Liverpool	1851 May 26 - Adelaide	RYAN, Ellen 7
CATHERINE from Liverpool	1851 May 26 - Adelaide	RYAN, Catherine 28 from Tipperary
CATHERINE from Liverpool	1851 May 26 - Adelaide	RYAN, Patrick 32 from Tipperary
CATHERINE from Liverpool	1851 May 26 - Adelaide	RYAN, Mick 1
CATHERINE from Liverpool	1851 May 26 - Adelaide	RYAN, Cathy 23 from Tipperary
LYSANDER from London Plymouth	1851 November 29th - Adelaide	RYAN, Michael 20 from Tipperary (listed as Ag)
LYSANDER from London Plymouth	1851 November 29th - Adelaide	RYAN, Margaret 17 from Clare, Ire. listed as Ag
LYSANDER from London Plymouth	1851 November 29th - Adelaide	RYAN, Bridget 18 - labourer, listed as Ag
LYSANDER from London Plymouth	1851 November 29th - Adelaide	RYAN, Mary 25 from Tipperary
LYSANDER from London Plymouth	1851 November 29th - Adelaide	RYAN, Ann 20 from Tipperary
LYSANDER from London Plymouth	1851 November 29th - Adelaide	RYAN, Thomas 22
LYSANDER from London Plymouth	1851 November 29th - Adelaide	RYAN, Jane 19
LYSANDER from London Plymouth	1851 November 29th - Adelaide	RYAN, Mary 18
LYSANDER from London Plymouth	1851 November 29th - Adelaide	RYAN, Catherine 16
LYSANDER from London Plymouth	1851 November 29th - Adelaide	RYAN, Daniel 14
LYSANDER from London Plymouth	1851 November 29th - Adelaide	RYAN, James 12
HARKLEY from London and Plymouth	1851 January 15th - Adelaide	RYAN, Patrick 26 Ag. Labourer from Galway
SULTANA from London	1851 August 8th - Adelaide	RYAN, Elizabeth 22 Gen. Servant from Tipperary
OREGON from England	1851 October 31 Holdfast Bay Glen	RYAN, Stephen 21 labourer - single
OREGON from England	1851 October 31 Holdfast Bay Glen	RYAN, Ellen 20 - single (wife of Stephen)
HARKLEY from London	1851 January 18 - Adelaide	RYDER, Mr.
HARKLEY from London	1851 January 18 - Adelaide	RYDER, Mrs.
TORY from London	1851 November 17th - Adelaide	RYDER, Ann
LYSANDER from London Plymouth	1851 November 29th - Adelaide	RYE, Abraham
LYSANDER from London Plymouth	1851 November 29th - Adelaide	RYE, Mary and 3 children
LYSANDER from London Plymouth	1851 November 29th - Adelaide	RYLEY, Thomas
SUCCESS from London	1851 February 28th - Adelaide	RYLANDS, Mr.
ASCENDANT from London	1851 January 15th - Adelaide	RYMILL, Henry - cabin
